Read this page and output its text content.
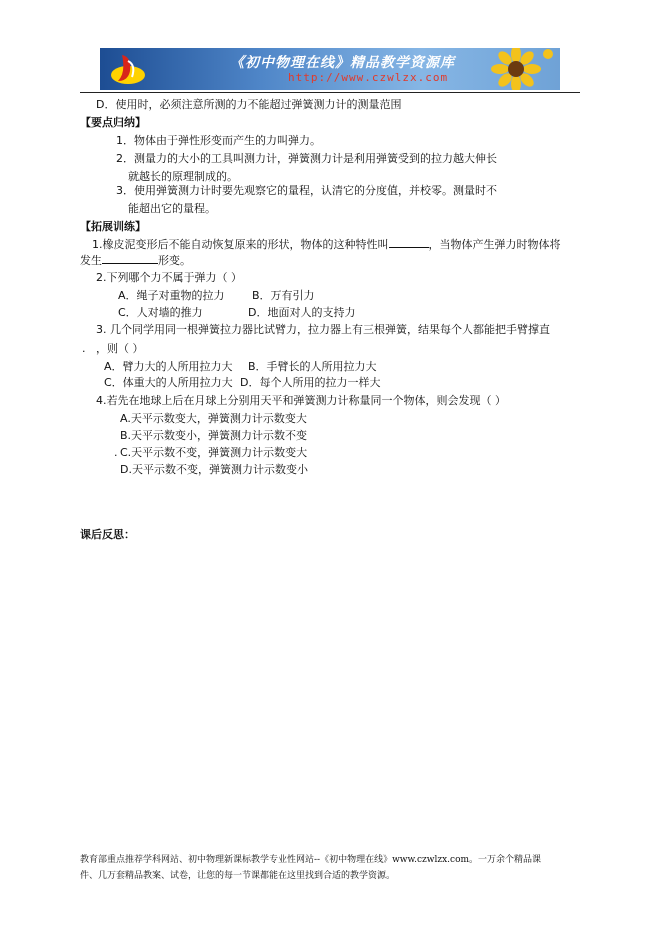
《初中物理在线》精品教学资源库
http://www.czwlzx.com
D．使用时，必须注意所测的力不能超过弹簧测力计的测量范围
【要点归纳】
1．物体由于弹性形变而产生的力叫弹力。
2．测量力的大小的工具叫测力计，弹簧测力计是利用弹簧受到的拉力越大伸长
就越长的原理制成的。
3．使用弹簧测力计时要先观察它的量程，认清它的分度值，并校零。测量时不
能超出它的量程。
【拓展训练】
1.橡皮泥变形后不能自动恢复原来的形状，物体的这种特性叫	，当物体产生弹力时物体将
发生	形变。
2.下列哪个力不属于弹力（ ）
A．绳子对重物的拉力 B．万有引力
C．人对墙的推力	D．地面对人的支持力
3. 几个同学用同一根弹簧拉力器比试臂力，拉力器上有三根弹簧，结果每个人都能把手臂撑直
. ，则（ ）
A．臂力大的人所用拉力大 B．手臂长的人所用拉力大
C．体重大的人所用拉力大 D．每个人所用的拉力一样大
4.若先在地球上后在月球上分别用天平和弹簧测力计称量同一个物体，则会发现（ ）
A.天平示数变大，弹簧测力计示数变大
B.天平示数变小，弹簧测力计示数不变
. C.天平示数不变，弹簧测力计示数变大
D.天平示数不变，弹簧测力计示数变小
课后反思：
教育部重点推荐学科网站、初中物理新课标教学专业性网站--《初中物理在线》www.czwlzx.com。一万余个精品课
件、几万套精品教案、试卷，让您的每一节课都能在这里找到合适的教学资源。
